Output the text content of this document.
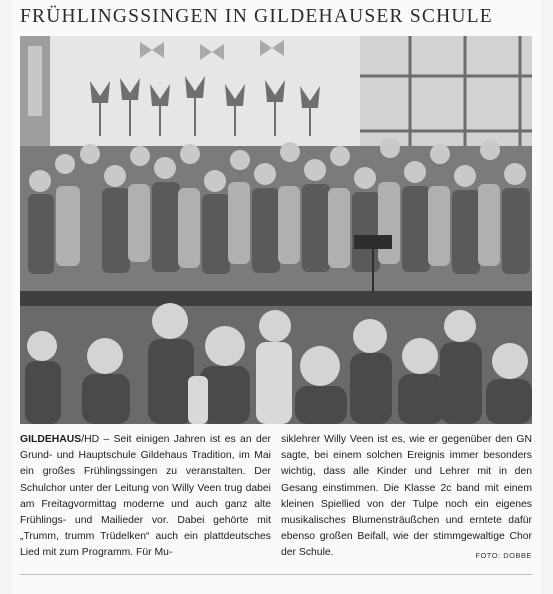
FRÜHLINGSSINGEN IN GILDEHAUSER SCHULE
GILDEHAUS/HD – Seit einigen Jahren ist es an der Grund- und Hauptschule Gildehaus Tradition, im Mai ein großes Frühlingssingen zu veranstalten. Der Schulchor unter der Leitung von Willy Veen trug dabei am Freitagvormittag moderne und auch ganz alte Frühlings- und Mailieder vor. Dabei gehörte mit „Trumm, trumm Trüdelken“ auch ein plattdeutsches Lied mit zum Programm. Für Mu-
siklehrer Willy Veen ist es, wie er gegenüber den GN sagte, bei einem solchen Ereignis immer besonders wichtig, dass alle Kinder und Lehrer mit in den Gesang einstimmen. Die Klasse 2c band mit einem kleinen Spiellied von der Tulpe noch ein eigenes musikalisches Blumensträußchen und erntete dafür ebenso großen Beifall, wie der stimmgewaltige Chor der Schule.	FOTO: DOBBE
